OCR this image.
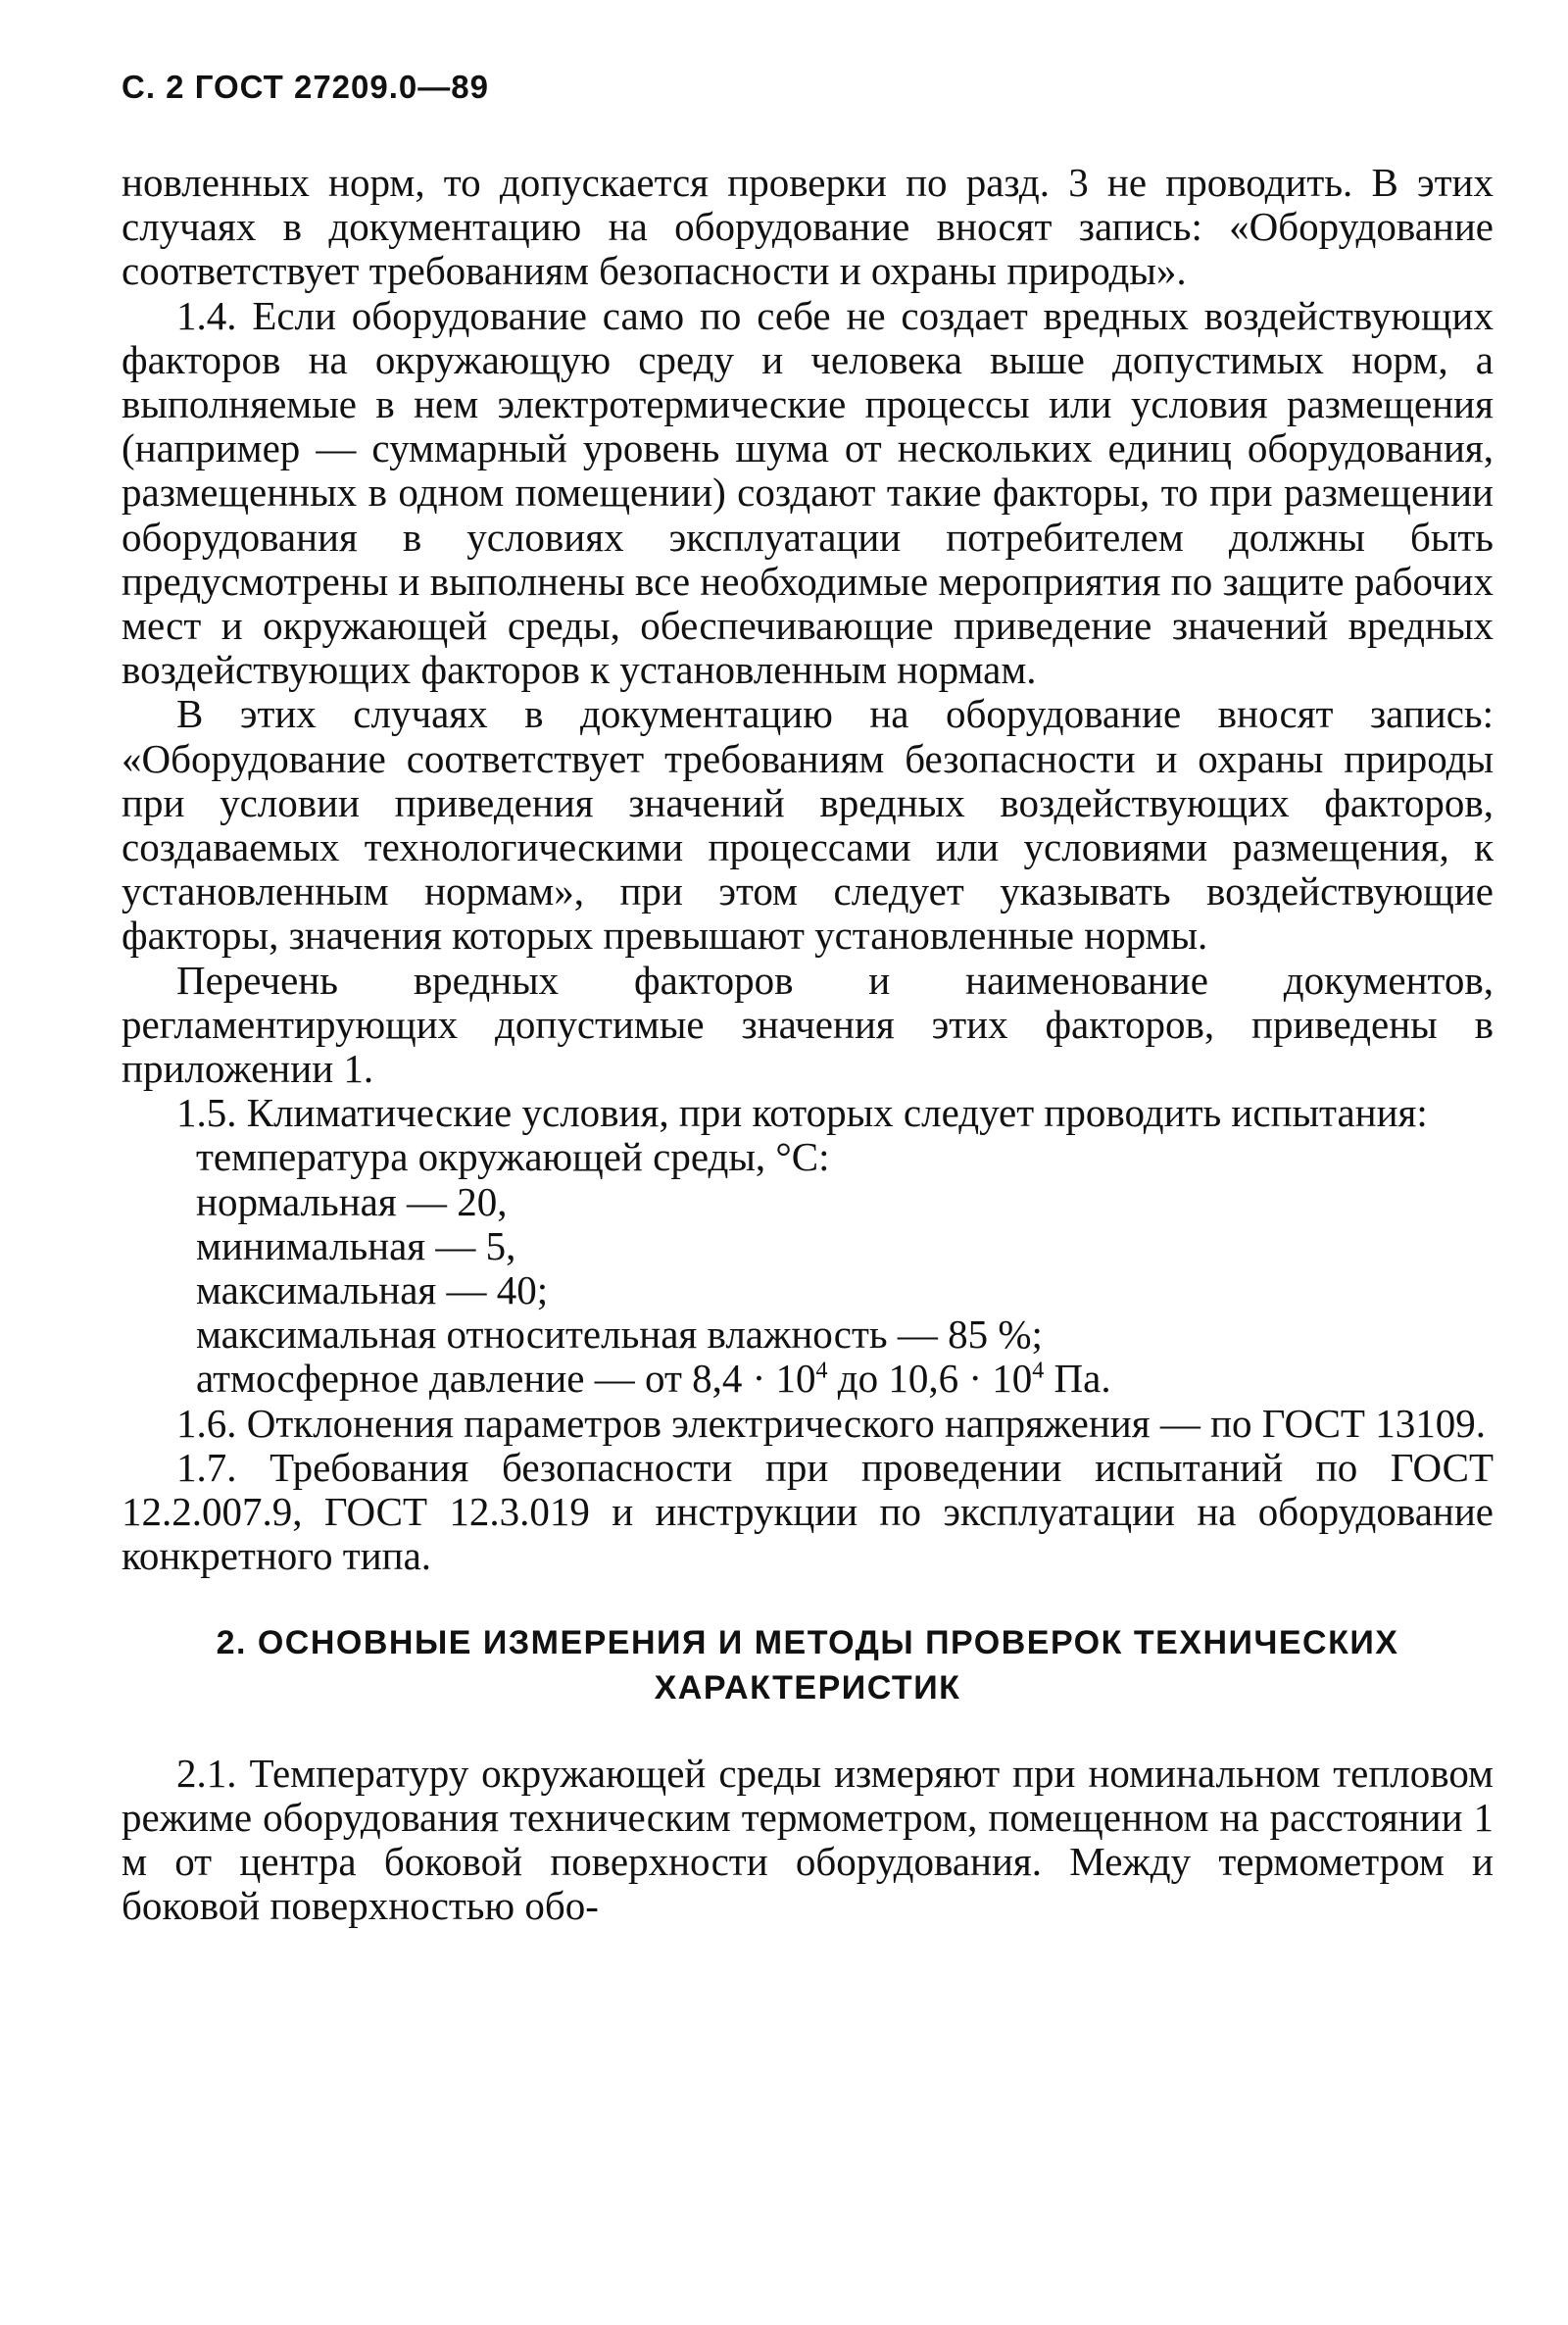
С. 2 ГОСТ 27209.0—89

новленных норм, то допускается проверки по разд. 3 не проводить. В этих случаях в документацию на оборудование вносят запись: «Оборудование соответствует требованиям безопасности и охраны природы».

1.4. Если оборудование само по себе не создает вредных воздействующих факторов на окружающую среду и человека выше допустимых норм, а выполняемые в нем электротермические процессы или условия размещения (например — суммарный уровень шума от нескольких единиц оборудования, размещенных в одном помещении) создают такие факторы, то при размещении оборудования в условиях эксплуатации потребителем должны быть предусмотрены и выполнены все необходимые мероприятия по защите рабочих мест и окружающей среды, обеспечивающие приведение значений вредных воздействующих факторов к установленным нормам.

В этих случаях в документацию на оборудование вносят запись: «Оборудование соответствует требованиям безопасности и охраны природы при условии приведения значений вредных воздействующих факторов, создаваемых технологическими процессами или условиями размещения, к установленным нормам», при этом следует указывать воздействующие факторы, значения которых превышают установленные нормы.

Перечень вредных факторов и наименование документов, регламентирующих допустимые значения этих факторов, приведены в приложении 1.

1.5. Климатические условия, при которых следует проводить испытания:

температура окружающей среды, °C:

нормальная — 20,

минимальная — 5,

максимальная — 40;

максимальная относительная влажность — 85 %;

атмосферное давление — от $8,4 \cdot 10^4$ до $10,6 \cdot 10^4$ Па.

1.6. Отклонения параметров электрического напряжения — по ГОСТ 13109.

1.7. Требования безопасности при проведении испытаний по ГОСТ 12.2.007.9, ГОСТ 12.3.019 и инструкции по эксплуатации на оборудование конкретного типа.

2. ОСНОВНЫЕ ИЗМЕРЕНИЯ И МЕТОДЫ ПРОВЕРОК ТЕХНИЧЕСКИХ ХАРАКТЕРИСТИК

2.1. Температуру окружающей среды измеряют при номинальном тепловом режиме оборудования техническим термометром, помещенном на расстоянии 1 м от центра боковой поверхности оборудования. Между термометром и боковой поверхностью обо-
